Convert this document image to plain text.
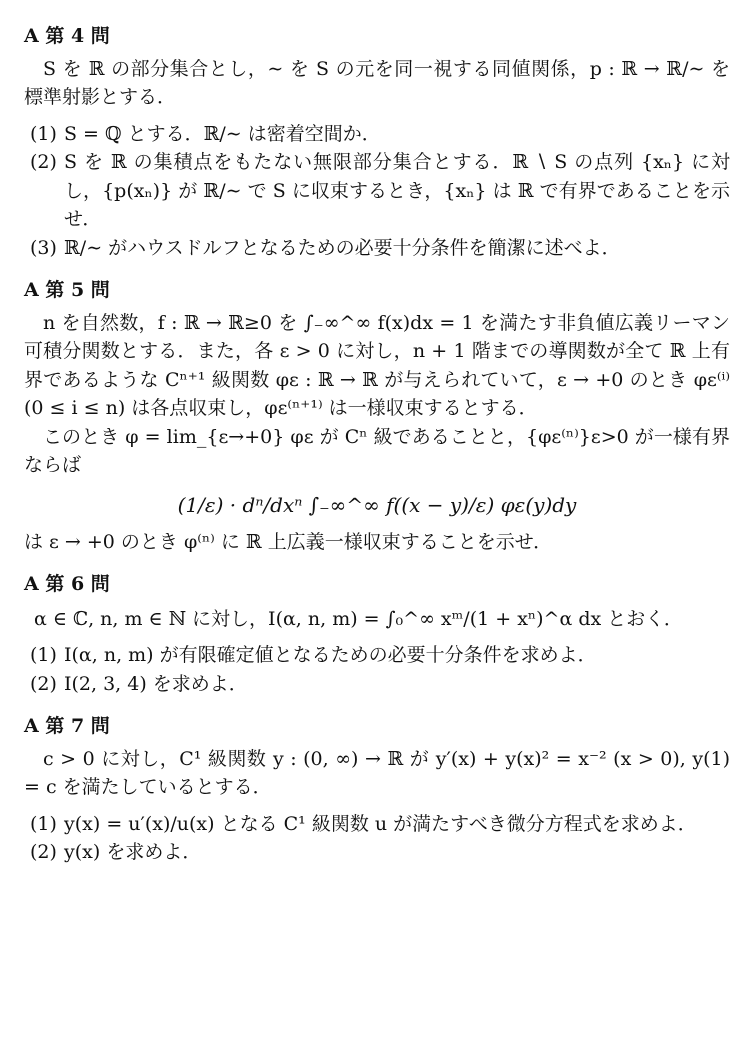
A 第 4 問

S を ℝ の部分集合とし，∼ を S の元を同一視する同値関係，p : ℝ → ℝ/∼ を標準射影とする．

(1) S = ℚ とする．ℝ/∼ は密着空間か．
(2) S を ℝ の集積点をもたない無限部分集合とする．ℝ ∖ S の点列 {xₙ} に対し，{p(xₙ)} が ℝ/∼ で S に収束するとき，{xₙ} は ℝ で有界であることを示せ．
(3) ℝ/∼ がハウスドルフとなるための必要十分条件を簡潔に述べよ．
A 第 5 問

n を自然数，f : ℝ → ℝ≥0 を ∫₋∞^∞ f(x)dx = 1 を満たす非負値広義リーマン可積分関数とする．また，各 ε > 0 に対し，n + 1 階までの導関数が全て ℝ 上有界であるような Cⁿ⁺¹ 級関数 φε : ℝ → ℝ が与えられていて，ε → +0 のとき φε⁽ⁱ⁾ (0 ≤ i ≤ n) は各点収束し，φε⁽ⁿ⁺¹⁾ は一様収束するとする．

このとき φ = lim_{ε→+0} φε が Cⁿ 級であることと，{φε⁽ⁿ⁾}ε>0 が一様有界ならば

(1/ε) · dⁿ/dxⁿ ∫₋∞^∞ f((x − y)/ε) φε(y)dy

は ε → +0 のとき φ⁽ⁿ⁾ に ℝ 上広義一様収束することを示せ．

A 第 6 問
α ∈ ℂ, n, m ∈ ℕ に対し，I(α, n, m) = ∫₀^∞ xᵐ/(1 + xⁿ)^α dx とおく．
(1) I(α, n, m) が有限確定値となるための必要十分条件を求めよ．
(2) I(2, 3, 4) を求めよ．
A 第 7 問

c > 0 に対し，C¹ 級関数 y : (0, ∞) → ℝ が y′(x) + y(x)² = x⁻² (x > 0), y(1) = c を満たしているとする．

(1) y(x) = u′(x)/u(x) となる C¹ 級関数 u が満たすべき微分方程式を求めよ．
(2) y(x) を求めよ．
